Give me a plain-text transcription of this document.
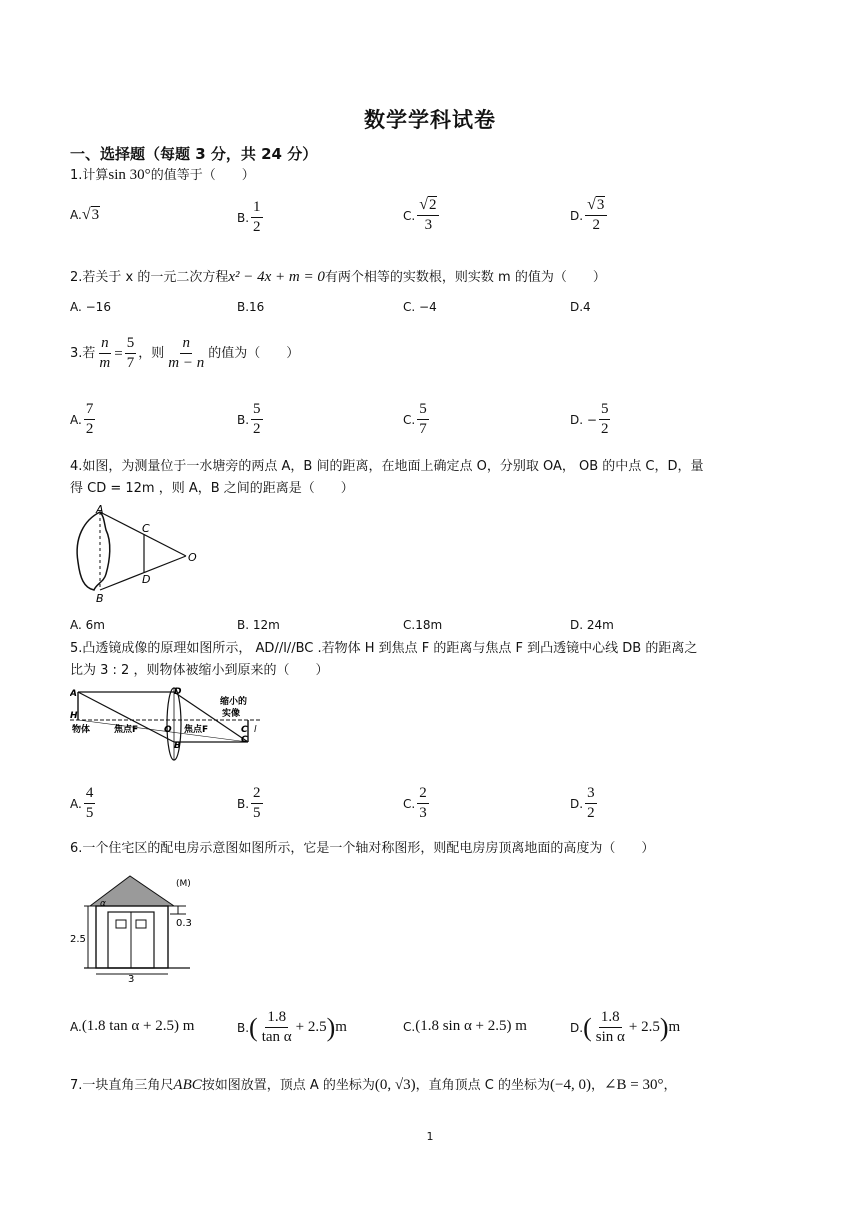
数学学科试卷
一、选择题（每题 3 分，共 24 分）
1.计算sin 30°的值等于（　　）
A. √ 3	B. $\frac{1}{2}$	C. $\frac{√ 2}{3}$	D. $\frac{√ 3}{2}$
2.若关于 x 的一元二次方程x² − 4x + m = 0有两个相等的实数根，则实数 m 的值为（　　）
A. −16	B.16	C. −4	D.4
3.若 $\frac{n}{m} = \frac{5}{7}$ ，则 $\frac{n}{m - n}$ 的值为（　　）
A. $\frac{7}{2}$	B. $\frac{5}{2}$	C. $\frac{5}{7}$	D. − $\frac{5}{2}$
4.如图，为测量位于一水塘旁的两点 A，B 间的距离，在地面上确定点 O，分别取 OA， OB 的中点 C，D，量
得 CD = 12m ，则 A，B 之间的距离是（　　）
A
B
C
D
O
A. 6m	B. 12m	C.18m	D. 24m
5.凸透镜成像的原理如图所示， AD//l//BC .若物体 H 到焦点 F 的距离与焦点 F 到凸透镜中心线 DB 的距离之
比为 3 : 2 ，则物体被缩小到原来的（　　）
A
H
D
O
B
C
C
l
物体	焦点F	焦点F
缩小的
实像
A. $\frac{4}{5}$	B. $\frac{2}{5}$	C. $\frac{2}{3}$	D. $\frac{3}{2}$
6.一个住宅区的配电房示意图如图所示，它是一个轴对称图形，则配电房房顶离地面的高度为（　　）
α
2.5
3
0.3
(M)
A. (1.8 tan α + 2.5) m	B. ( $\frac{1.8}{\text{tan α}} + 2.5$ ) m	C. (1.8 sin α + 2.5) m	D. ( $\frac{1.8}{\text{sin α}} + 2.5$ ) m
7.一块直角三角尺ABC按如图放置，顶点 A 的坐标为(0, √3)，直角顶点 C 的坐标为(−4, 0)，∠B = 30°，
1
